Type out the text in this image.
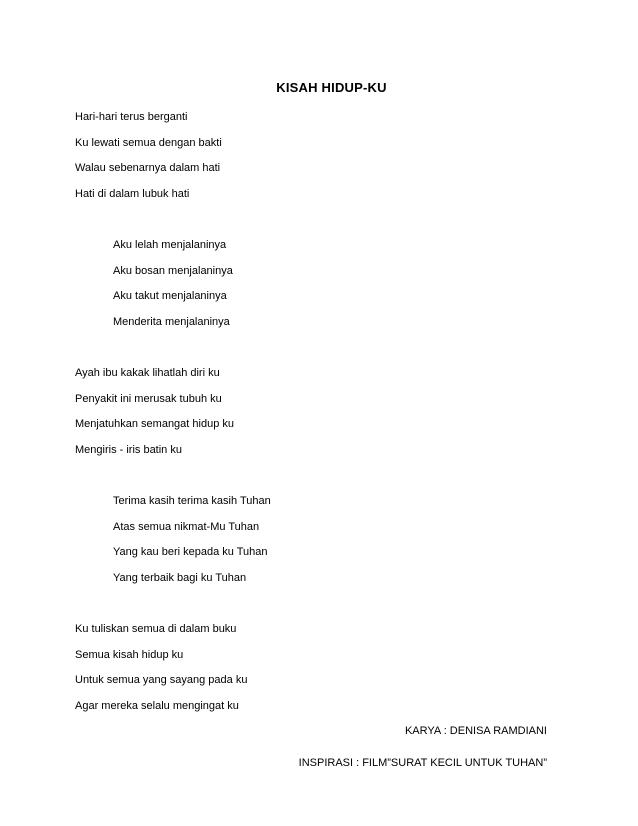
KISAH HIDUP-KU
Hari-hari terus berganti
Ku lewati semua dengan bakti
Walau sebenarnya dalam hati
Hati di dalam lubuk hati
Aku lelah menjalaninya
Aku bosan menjalaninya
Aku takut menjalaninya
Menderita menjalaninya
Ayah ibu kakak lihatlah diri ku
Penyakit ini merusak tubuh ku
Menjatuhkan semangat hidup ku
Mengiris - iris batin ku
Terima kasih terima kasih Tuhan
Atas semua nikmat-Mu Tuhan
Yang kau beri kepada ku Tuhan
Yang terbaik bagi ku Tuhan
Ku tuliskan semua di dalam buku
Semua kisah hidup ku
Untuk semua yang sayang pada ku
Agar mereka selalu mengingat ku
KARYA : DENISA RAMDIANI
INSPIRASI : FILM”SURAT KECIL UNTUK TUHAN”
